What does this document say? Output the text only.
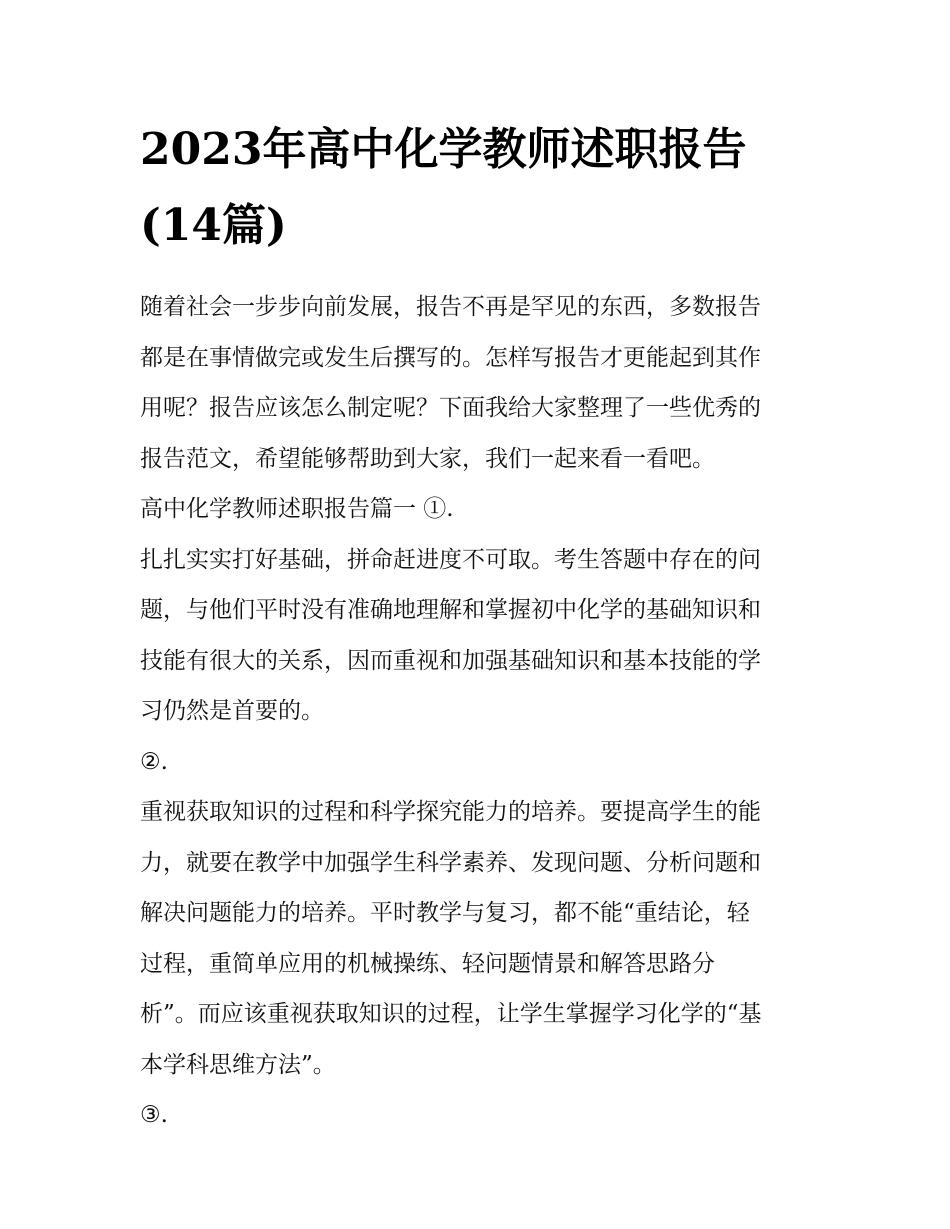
2023年高中化学教师述职报告
(14篇)
随着社会一步步向前发展，报告不再是罕见的东西，多数报告
都是在事情做完或发生后撰写的。怎样写报告才更能起到其作
用呢？报告应该怎么制定呢？下面我给大家整理了一些优秀的
报告范文，希望能够帮助到大家，我们一起来看一看吧。
高中化学教师述职报告篇一 ①.
扎扎实实打好基础，拼命赶进度不可取。考生答题中存在的问
题，与他们平时没有准确地理解和掌握初中化学的基础知识和
技能有很大的关系，因而重视和加强基础知识和基本技能的学
习仍然是首要的。
②.
重视获取知识的过程和科学探究能力的培养。要提高学生的能
力，就要在教学中加强学生科学素养、发现问题、分析问题和
解决问题能力的培养。平时教学与复习，都不能“重结论，轻
过程，重简单应用的机械操练、轻问题情景和解答思路分
析”。而应该重视获取知识的过程，让学生掌握学习化学的“基
本学科思维方法”。
③.
